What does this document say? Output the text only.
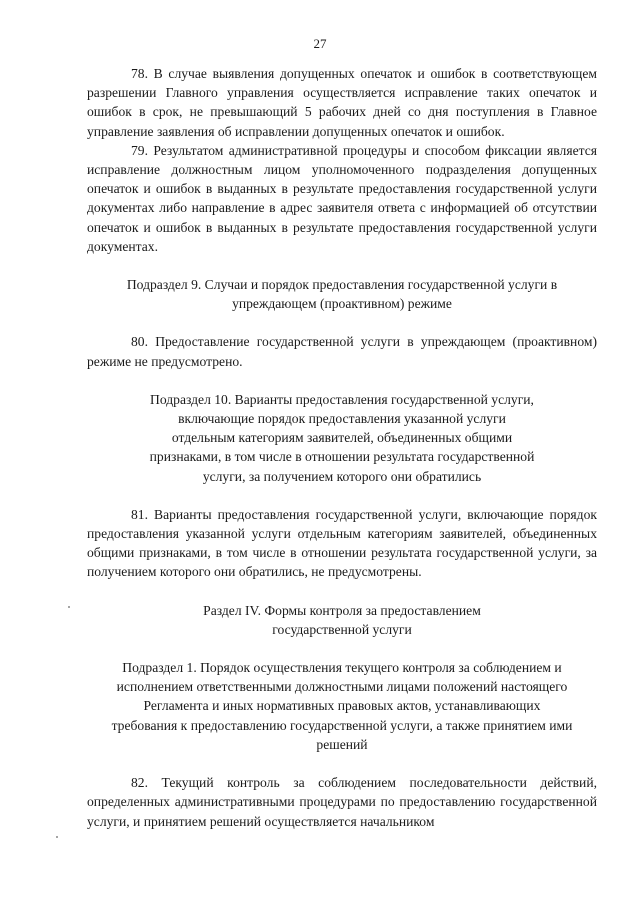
27

78. В случае выявления допущенных опечаток и ошибок в соответствующем разрешении Главного управления осуществляется исправление таких опечаток и ошибок в срок, не превышающий 5 рабочих дней со дня поступления в Главное управление заявления об исправлении допущенных опечаток и ошибок.

79. Результатом административной процедуры и способом фиксации является исправление должностным лицом уполномоченного подразделения допущенных опечаток и ошибок в выданных в результате предоставления государственной услуги документах либо направление в адрес заявителя ответа с информацией об отсутствии опечаток и ошибок в выданных в результате предоставления государственной услуги документах.

Подраздел 9. Случаи и порядок предоставления государственной услуги в упреждающем (проактивном) режиме

80. Предоставление государственной услуги в упреждающем (проактивном) режиме не предусмотрено.

Подраздел 10. Варианты предоставления государственной услуги, включающие порядок предоставления указанной услуги отдельным категориям заявителей, объединенных общими признаками, в том числе в отношении результата государственной услуги, за получением которого они обратились

81. Варианты предоставления государственной услуги, включающие порядок предоставления указанной услуги отдельным категориям заявителей, объединенных общими признаками, в том числе в отношении результата государственной услуги, за получением которого они обратились, не предусмотрены.

Раздел IV. Формы контроля за предоставлением государственной услуги

Подраздел 1. Порядок осуществления текущего контроля за соблюдением и исполнением ответственными должностными лицами положений настоящего Регламента и иных нормативных правовых актов, устанавливающих требования к предоставлению государственной услуги, а также принятием ими решений

82. Текущий контроль за соблюдением последовательности действий, определенных административными процедурами по предоставлению государственной услуги, и принятием решений осуществляется начальником
